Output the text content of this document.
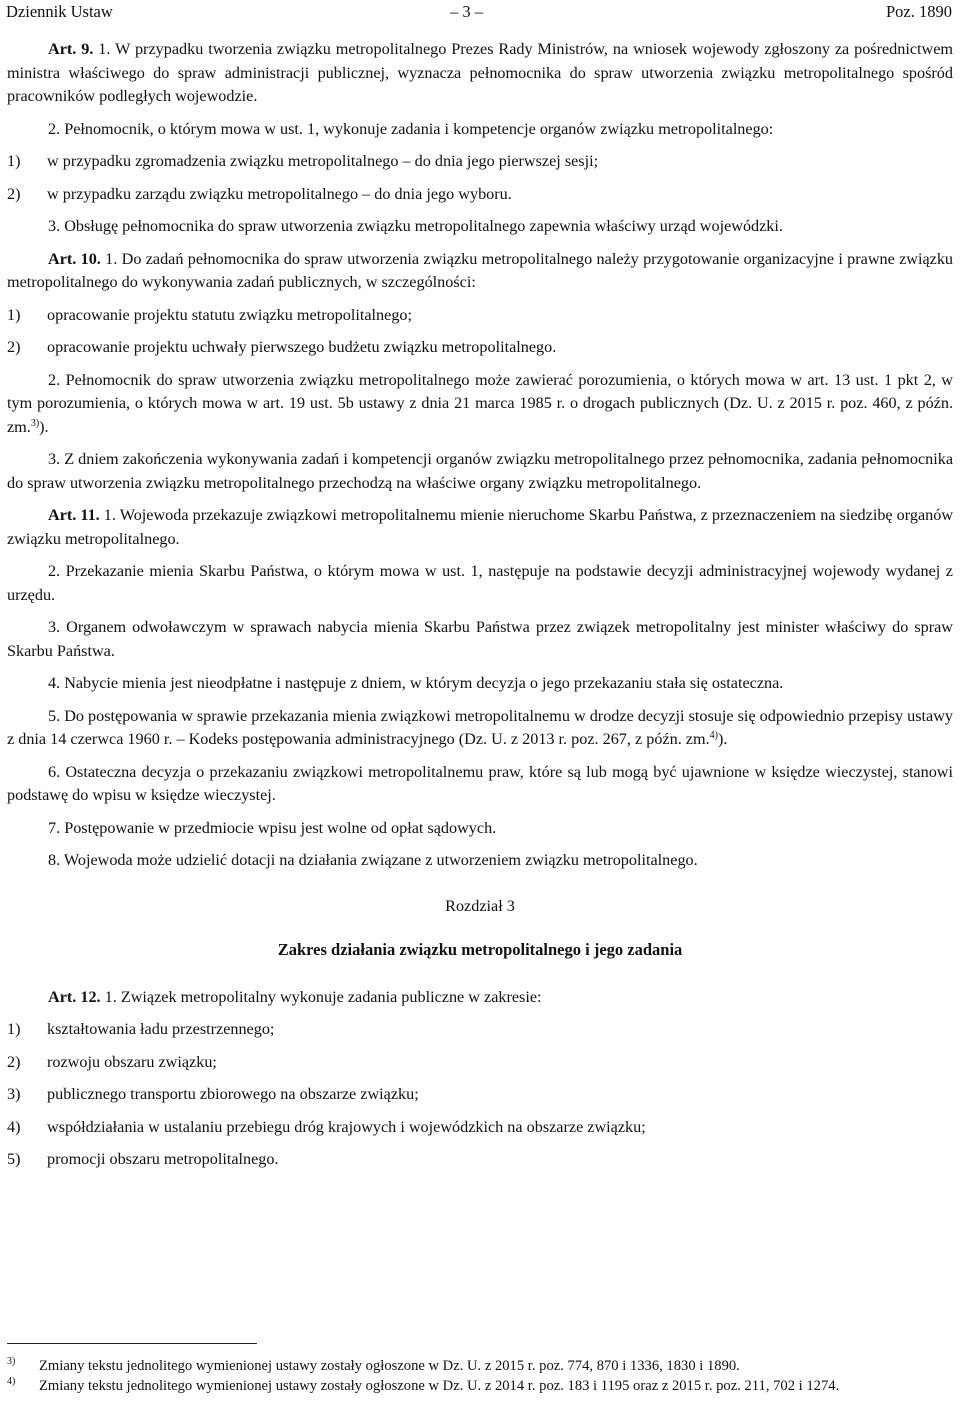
Dziennik Ustaw	– 3 –	Poz. 1890

Art. 9. 1. W przypadku tworzenia związku metropolitalnego Prezes Rady Ministrów, na wniosek wojewody zgłoszony za pośrednictwem ministra właściwego do spraw administracji publicznej, wyznacza pełnomocnika do spraw utworzenia związku metropolitalnego spośród pracowników podległych wojewodzie.

2. Pełnomocnik, o którym mowa w ust. 1, wykonuje zadania i kompetencje organów związku metropolitalnego:

1) w przypadku zgromadzenia związku metropolitalnego – do dnia jego pierwszej sesji;

2) w przypadku zarządu związku metropolitalnego – do dnia jego wyboru.

3. Obsługę pełnomocnika do spraw utworzenia związku metropolitalnego zapewnia właściwy urząd wojewódzki.

Art. 10. 1. Do zadań pełnomocnika do spraw utworzenia związku metropolitalnego należy przygotowanie organizacyjne i prawne związku metropolitalnego do wykonywania zadań publicznych, w szczególności:

1) opracowanie projektu statutu związku metropolitalnego;

2) opracowanie projektu uchwały pierwszego budżetu związku metropolitalnego.

2. Pełnomocnik do spraw utworzenia związku metropolitalnego może zawierać porozumienia, o których mowa w art. 13 ust. 1 pkt 2, w tym porozumienia, o których mowa w art. 19 ust. 5b ustawy z dnia 21 marca 1985 r. o drogach publicznych (Dz. U. z 2015 r. poz. 460, z późn. zm.$^{3)}$).

3. Z dniem zakończenia wykonywania zadań i kompetencji organów związku metropolitalnego przez pełnomocnika, zadania pełnomocnika do spraw utworzenia związku metropolitalnego przechodzą na właściwe organy związku metropolitalnego.

Art. 11. 1. Wojewoda przekazuje związkowi metropolitalnemu mienie nieruchome Skarbu Państwa, z przeznaczeniem na siedzibę organów związku metropolitalnego.

2. Przekazanie mienia Skarbu Państwa, o którym mowa w ust. 1, następuje na podstawie decyzji administracyjnej wojewody wydanej z urzędu.

3. Organem odwoławczym w sprawach nabycia mienia Skarbu Państwa przez związek metropolitalny jest minister właściwy do spraw Skarbu Państwa.

4. Nabycie mienia jest nieodpłatne i następuje z dniem, w którym decyzja o jego przekazaniu stała się ostateczna.

5. Do postępowania w sprawie przekazania mienia związkowi metropolitalnemu w drodze decyzji stosuje się odpowiednio przepisy ustawy z dnia 14 czerwca 1960 r. – Kodeks postępowania administracyjnego (Dz. U. z 2013 r. poz. 267, z późn. zm.$^{4)}$).

6. Ostateczna decyzja o przekazaniu związkowi metropolitalnemu praw, które są lub mogą być ujawnione w księdze wieczystej, stanowi podstawę do wpisu w księdze wieczystej.

7. Postępowanie w przedmiocie wpisu jest wolne od opłat sądowych.

8. Wojewoda może udzielić dotacji na działania związane z utworzeniem związku metropolitalnego.

Rozdział 3

Zakres działania związku metropolitalnego i jego zadania

Art. 12. 1. Związek metropolitalny wykonuje zadania publiczne w zakresie:

1) kształtowania ładu przestrzennego;

2) rozwoju obszaru związku;

3) publicznego transportu zbiorowego na obszarze związku;

4) współdziałania w ustalaniu przebiegu dróg krajowych i wojewódzkich na obszarze związku;

5) promocji obszaru metropolitalnego.

3) Zmiany tekstu jednolitego wymienionej ustawy zostały ogłoszone w Dz. U. z 2015 r. poz. 774, 870 i 1336, 1830 i 1890.

4) Zmiany tekstu jednolitego wymienionej ustawy zostały ogłoszone w Dz. U. z 2014 r. poz. 183 i 1195 oraz z 2015 r. poz. 211, 702 i 1274.
